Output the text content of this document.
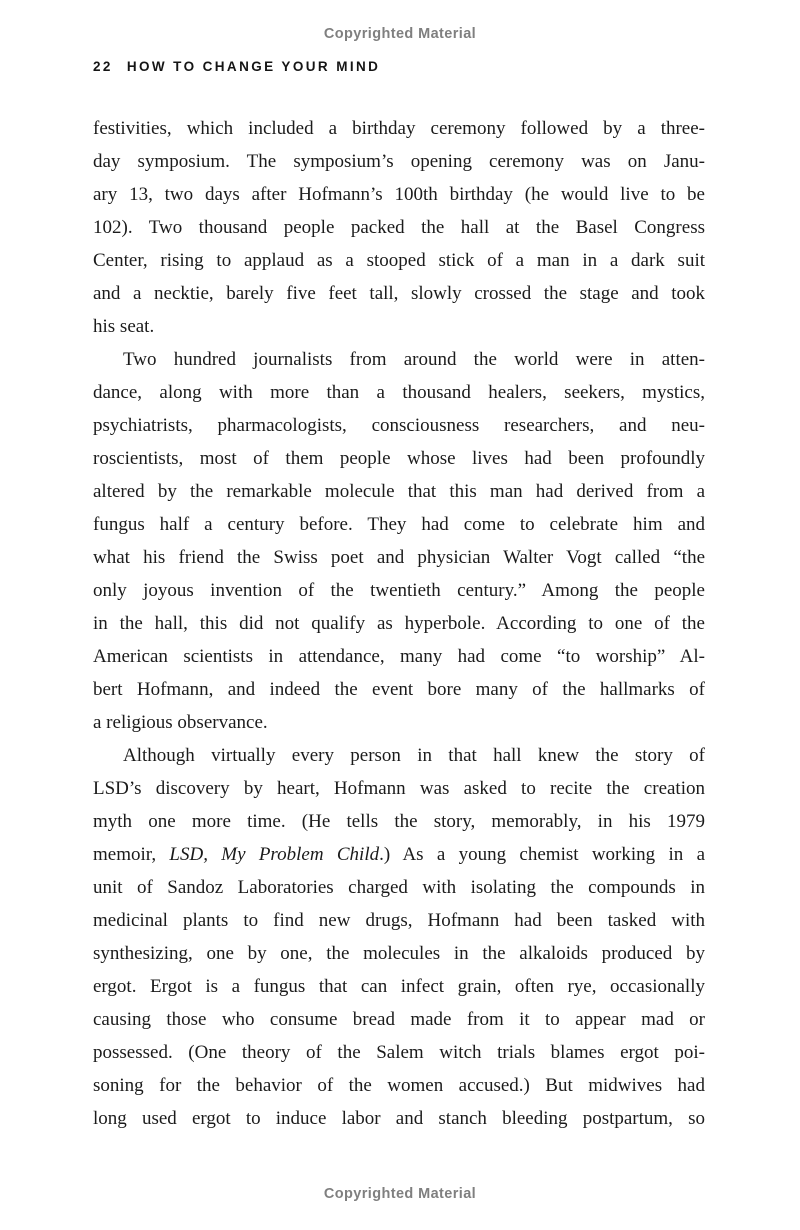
Copyrighted Material
22 HOW TO CHANGE YOUR MIND
festivities, which included a birthday ceremony followed by a three-
day symposium. The symposium’s opening ceremony was on Janu-
ary 13, two days after Hofmann’s 100th birthday (he would live to be
102). Two thousand people packed the hall at the Basel Congress
Center, rising to applaud as a stooped stick of a man in a dark suit
and a necktie, barely five feet tall, slowly crossed the stage and took
his seat.
Two hundred journalists from around the world were in atten-
dance, along with more than a thousand healers, seekers, mystics,
psychiatrists, pharmacologists, consciousness researchers, and neu-
roscientists, most of them people whose lives had been profoundly
altered by the remarkable molecule that this man had derived from a
fungus half a century before. They had come to celebrate him and
what his friend the Swiss poet and physician Walter Vogt called “the
only joyous invention of the twentieth century.” Among the people
in the hall, this did not qualify as hyperbole. According to one of the
American scientists in attendance, many had come “to worship” Al-
bert Hofmann, and indeed the event bore many of the hallmarks of
a religious observance.
Although virtually every person in that hall knew the story of
LSD’s discovery by heart, Hofmann was asked to recite the creation
myth one more time. (He tells the story, memorably, in his 1979
memoir, LSD, My Problem Child.) As a young chemist working in a
unit of Sandoz Laboratories charged with isolating the compounds in
medicinal plants to find new drugs, Hofmann had been tasked with
synthesizing, one by one, the molecules in the alkaloids produced by
ergot. Ergot is a fungus that can infect grain, often rye, occasionally
causing those who consume bread made from it to appear mad or
possessed. (One theory of the Salem witch trials blames ergot poi-
soning for the behavior of the women accused.) But midwives had
long used ergot to induce labor and stanch bleeding postpartum, so
Copyrighted Material
